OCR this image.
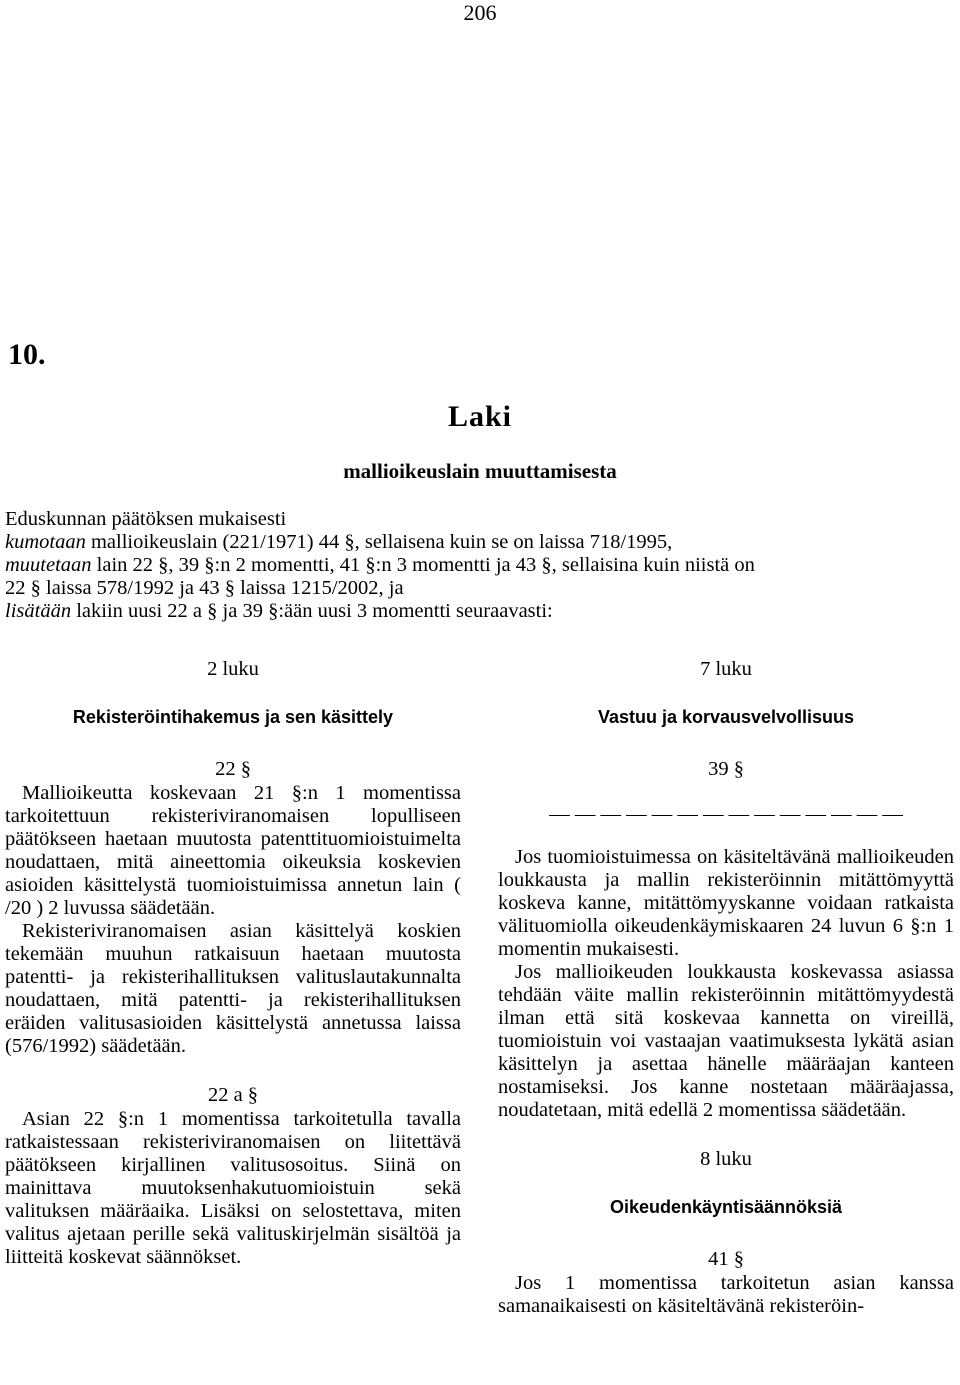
206
10.
Laki
mallioikeuslain muuttamisesta

Eduskunnan päätöksen mukaisesti

kumotaan mallioikeuslain (221/1971) 44 §, sellaisena kuin se on laissa 718/1995,

muutetaan lain 22 §, 39 §:n 2 momentti, 41 §:n 3 momentti ja 43 §, sellaisina kuin niistä on

22 § laissa 578/1992 ja 43 § laissa 1215/2002, ja

lisätään lakiin uusi 22 a § ja 39 §:ään uusi 3 momentti seuraavasti:

2 luku

Rekisteröintihakemus ja sen käsittely

22 §

Mallioikeutta koskevaan 21 §:n 1 momentissa tarkoitettuun rekisteriviranomaisen lopulliseen päätökseen haetaan muutosta patenttituomioistuimelta noudattaen, mitä aineettomia oikeuksia koskevien asioiden käsittelystä tuomioistuimissa annetun lain ( /20 ) 2 luvussa säädetään.

Rekisteriviranomaisen asian käsittelyä koskien tekemään muuhun ratkaisuun haetaan muutosta patentti- ja rekisterihallituksen valituslautakunnalta noudattaen, mitä patentti- ja rekisterihallituksen eräiden valitusasioiden käsittelystä annetussa laissa (576/1992) säädetään.

22 a §

Asian 22 §:n 1 momentissa tarkoitetulla tavalla ratkaistessaan rekisteriviranomaisen on liitettävä päätökseen kirjallinen valitusosoitus. Siinä on mainittava muutoksenhakutuomioistuin sekä valituksen määräaika. Lisäksi on selostettava, miten valitus ajetaan perille sekä valituskirjelmän sisältöä ja liitteitä koskevat säännökset.

7 luku

Vastuu ja korvausvelvollisuus

39 §

— — — — — — — — — — — — — —

Jos tuomioistuimessa on käsiteltävänä mallioikeuden loukkausta ja mallin rekisteröinnin mitättömyyttä koskeva kanne, mitättömyyskanne voidaan ratkaista välituomiolla oikeudenkäymiskaaren 24 luvun 6 §:n 1 momentin mukaisesti.

Jos mallioikeuden loukkausta koskevassa asiassa tehdään väite mallin rekisteröinnin mitättömyydestä ilman että sitä koskevaa kannetta on vireillä, tuomioistuin voi vastaajan vaatimuksesta lykätä asian käsittelyn ja asettaa hänelle määräajan kanteen nostamiseksi. Jos kanne nostetaan määräajassa, noudatetaan, mitä edellä 2 momentissa säädetään.

8 luku

Oikeudenkäyntisäännöksiä

41 §

Jos 1 momentissa tarkoitetun asian kanssa samanaikaisesti on käsiteltävänä rekisteröin-
